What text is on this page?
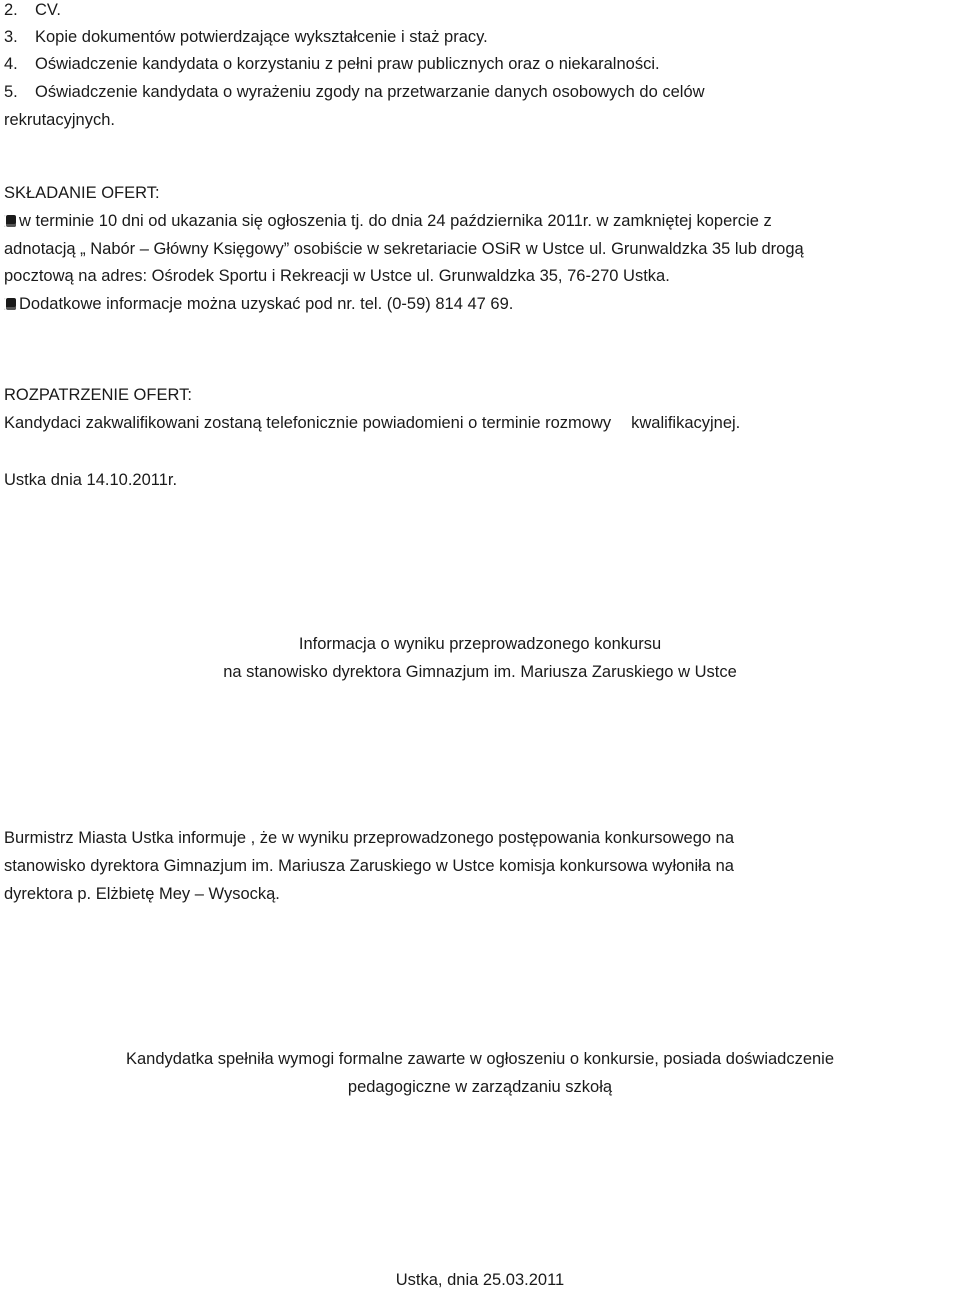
2. CV.
3. Kopie dokumentów potwierdzające wykształcenie i staż pracy.
4. Oświadczenie kandydata o korzystaniu z pełni praw publicznych oraz o niekaralności.
5. Oświadczenie kandydata o wyrażeniu zgody na przetwarzanie danych osobowych do celów
rekrutacyjnych.
SKŁADANIE OFERT:
w terminie 10 dni od ukazania się ogłoszenia tj. do dnia 24 października 2011r. w zamkniętej kopercie z
adnotacją „ Nabór – Główny Księgowy” osobiście w sekretariacie OSiR w Ustce ul. Grunwaldzka 35 lub drogą
pocztową na adres: Ośrodek Sportu i Rekreacji w Ustce ul. Grunwaldzka 35, 76-270 Ustka.
Dodatkowe informacje można uzyskać pod nr. tel. (0-59) 814 47 69.
ROZPATRZENIE OFERT:
Kandydaci zakwalifikowani zostaną telefonicznie powiadomieni o terminie rozmowy kwalifikacyjnej.
Ustka dnia 14.10.2011r.
Informacja o wyniku przeprowadzonego konkursu
na stanowisko dyrektora Gimnazjum im. Mariusza Zaruskiego w Ustce
Burmistrz Miasta Ustka informuje , że w wyniku przeprowadzonego postępowania konkursowego na
stanowisko dyrektora Gimnazjum im. Mariusza Zaruskiego w Ustce komisja konkursowa wyłoniła na
dyrektora p. Elżbietę Mey – Wysocką.
Kandydatka spełniła wymogi formalne zawarte w ogłoszeniu o konkursie, posiada doświadczenie
pedagogiczne w zarządzaniu szkołą
Ustka, dnia 25.03.2011
